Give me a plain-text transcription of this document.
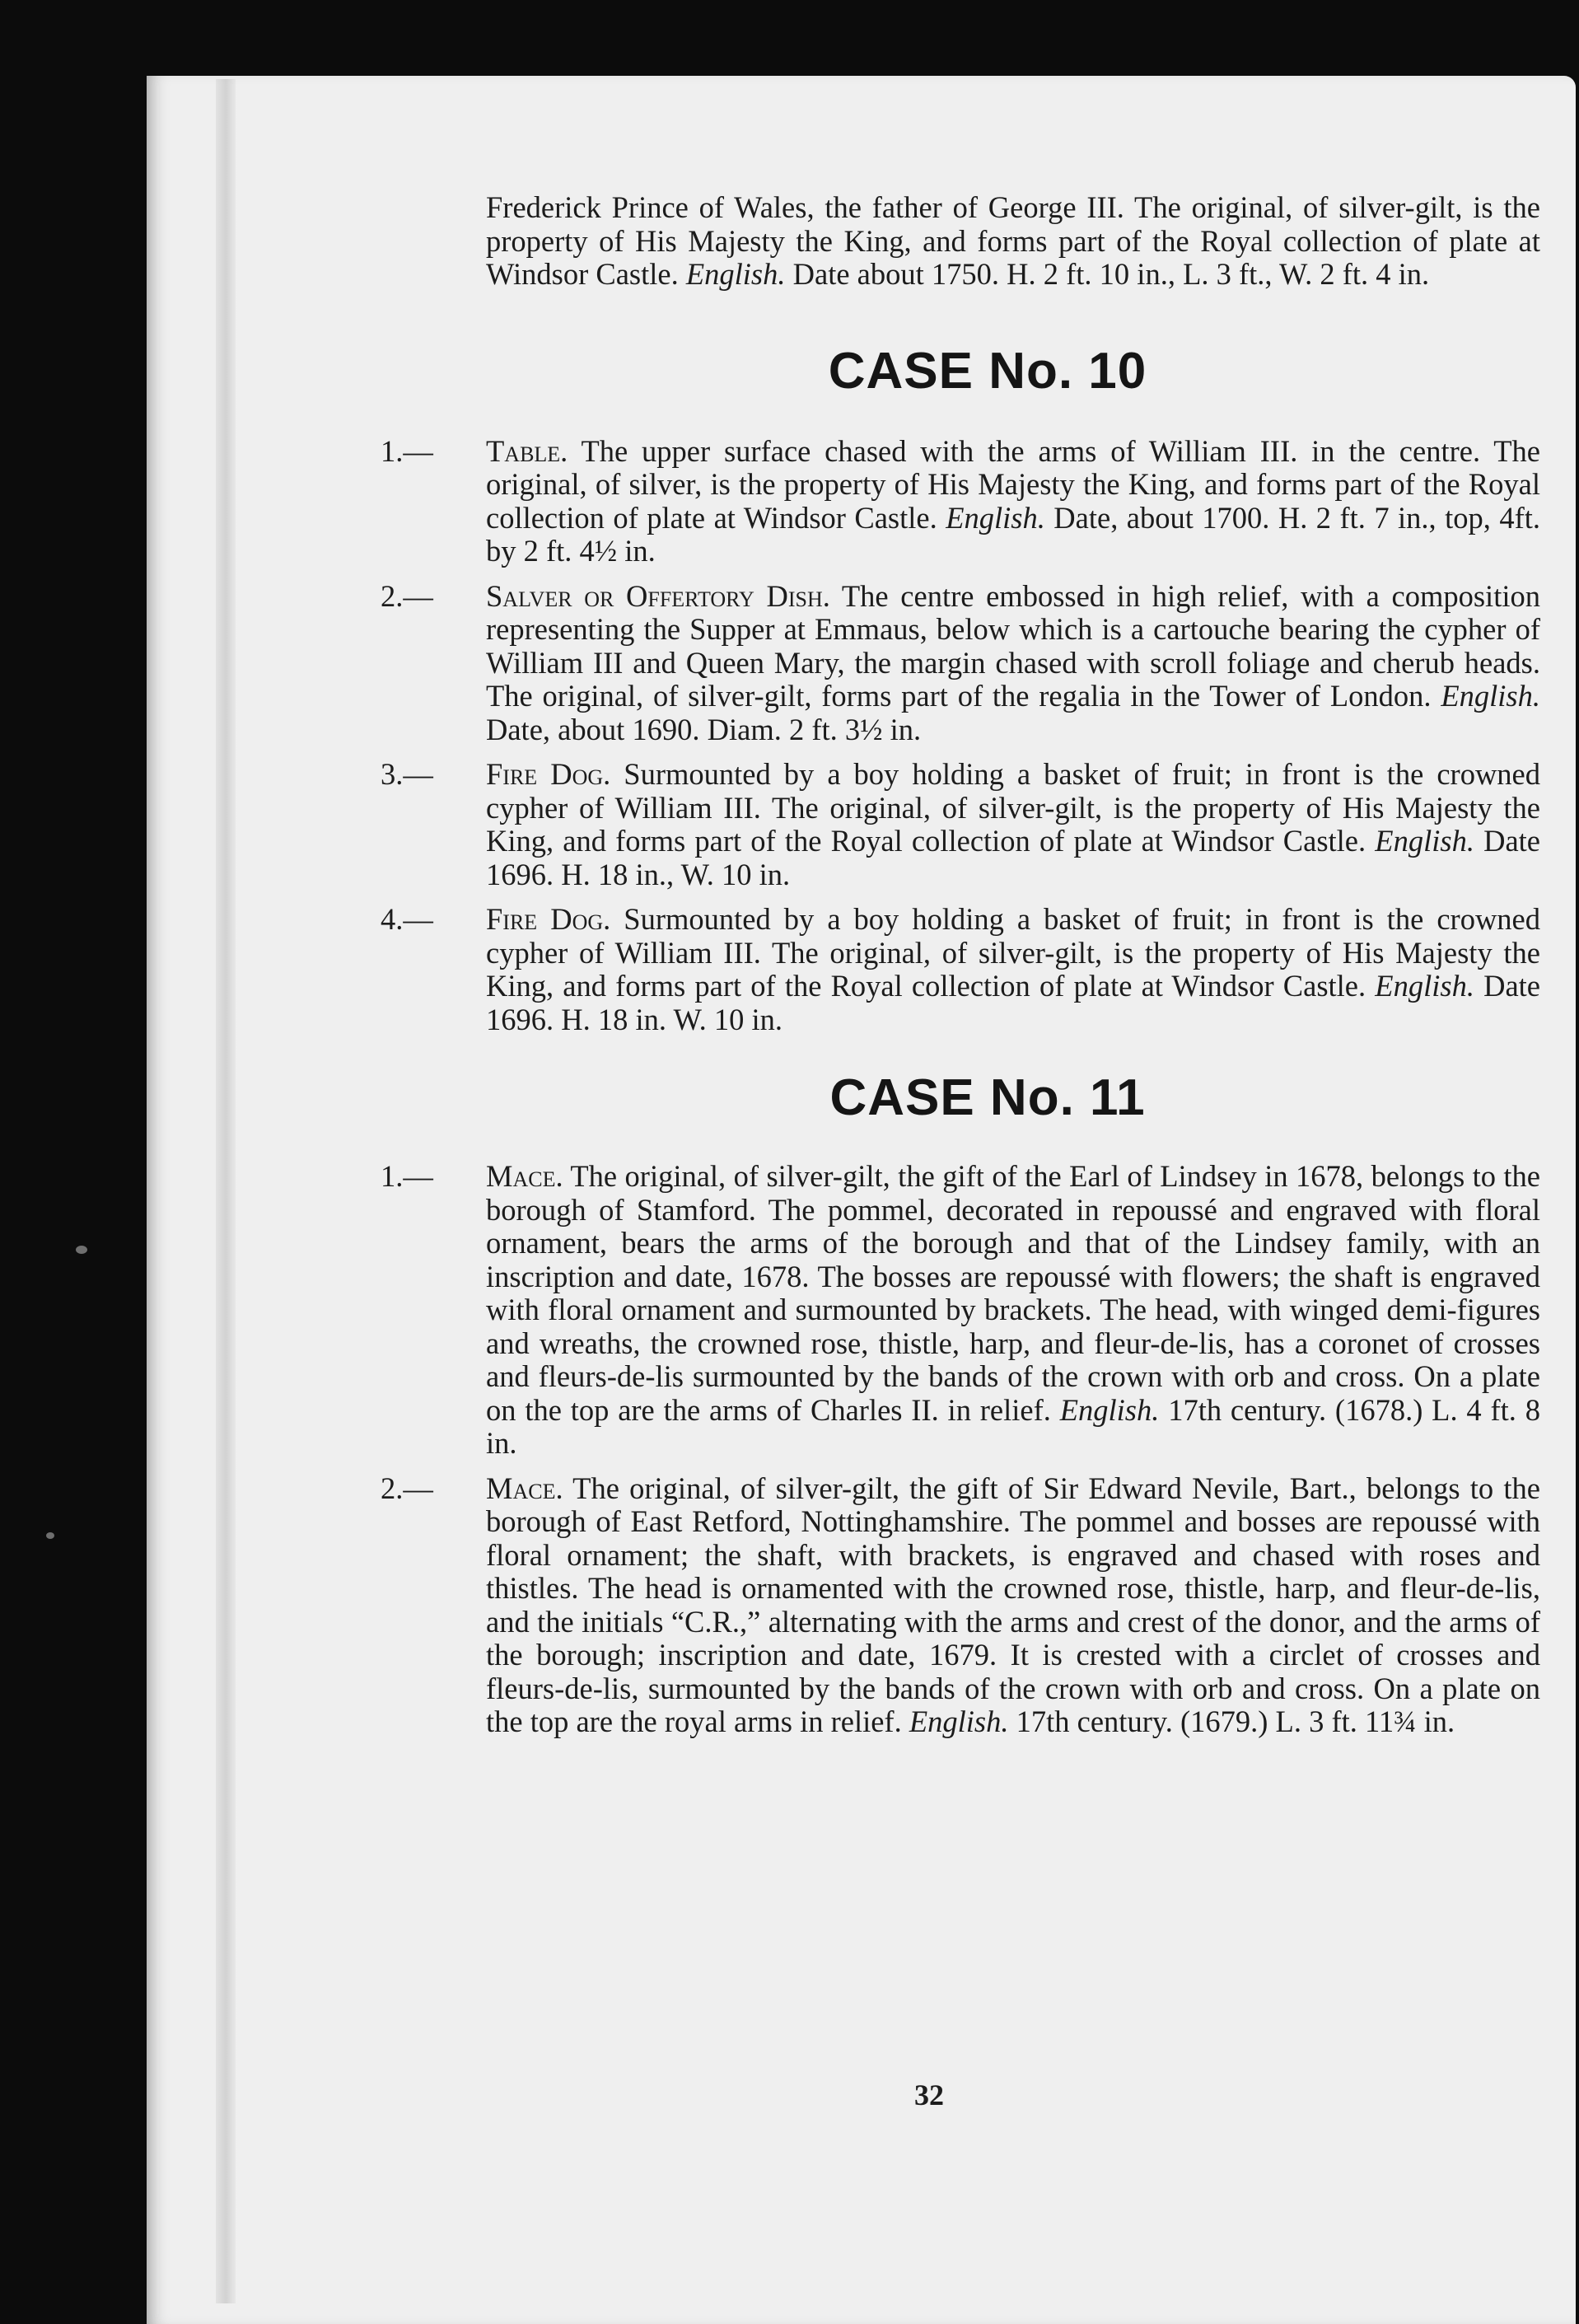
Frederick Prince of Wales, the father of George III. The original, of silver-gilt, is the property of His Majesty the King, and forms part of the Royal collection of plate at Windsor Castle. English. Date about 1750. H. 2 ft. 10 in., L. 3 ft., W. 2 ft. 4 in.

CASE No. 10
1.—	Table. The upper surface chased with the arms of William III. in the centre. The original, of silver, is the property of His Majesty the King, and forms part of the Royal collection of plate at Windsor Castle. English. Date, about 1700. H. 2 ft. 7 in., top, 4ft. by 2 ft. 4½ in.
2.—	Salver or Offertory Dish. The centre embossed in high relief, with a composition representing the Supper at Emmaus, below which is a cartouche bearing the cypher of William III and Queen Mary, the margin chased with scroll foliage and cherub heads. The original, of silver-gilt, forms part of the regalia in the Tower of London. English. Date, about 1690. Diam. 2 ft. 3½ in.
3.—	Fire Dog. Surmounted by a boy holding a basket of fruit; in front is the crowned cypher of William III. The original, of silver-gilt, is the property of His Majesty the King, and forms part of the Royal collection of plate at Windsor Castle. English. Date 1696. H. 18 in., W. 10 in.
4.—	Fire Dog. Surmounted by a boy holding a basket of fruit; in front is the crowned cypher of William III. The original, of silver-gilt, is the property of His Majesty the King, and forms part of the Royal collection of plate at Windsor Castle. English. Date 1696. H. 18 in. W. 10 in.
CASE No. 11
1.—	Mace. The original, of silver-gilt, the gift of the Earl of Lindsey in 1678, belongs to the borough of Stamford. The pommel, decorated in repoussé and engraved with floral ornament, bears the arms of the borough and that of the Lindsey family, with an inscription and date, 1678. The bosses are repoussé with flowers; the shaft is engraved with floral ornament and surmounted by brackets. The head, with winged demi-figures and wreaths, the crowned rose, thistle, harp, and fleur-de-lis, has a coronet of crosses and fleurs-de-lis surmounted by the bands of the crown with orb and cross. On a plate on the top are the arms of Charles II. in relief. English. 17th century. (1678.) L. 4 ft. 8 in.
2.—	Mace. The original, of silver-gilt, the gift of Sir Edward Nevile, Bart., belongs to the borough of East Retford, Nottinghamshire. The pommel and bosses are repoussé with floral ornament; the shaft, with brackets, is engraved and chased with roses and thistles. The head is ornamented with the crowned rose, thistle, harp, and fleur-de-lis, and the initials “C.R.,” alternating with the arms and crest of the donor, and the arms of the borough; inscription and date, 1679. It is crested with a circlet of crosses and fleurs-de-lis, surmounted by the bands of the crown with orb and cross. On a plate on the top are the royal arms in relief. English. 17th century. (1679.) L. 3 ft. 11¾ in.
32
